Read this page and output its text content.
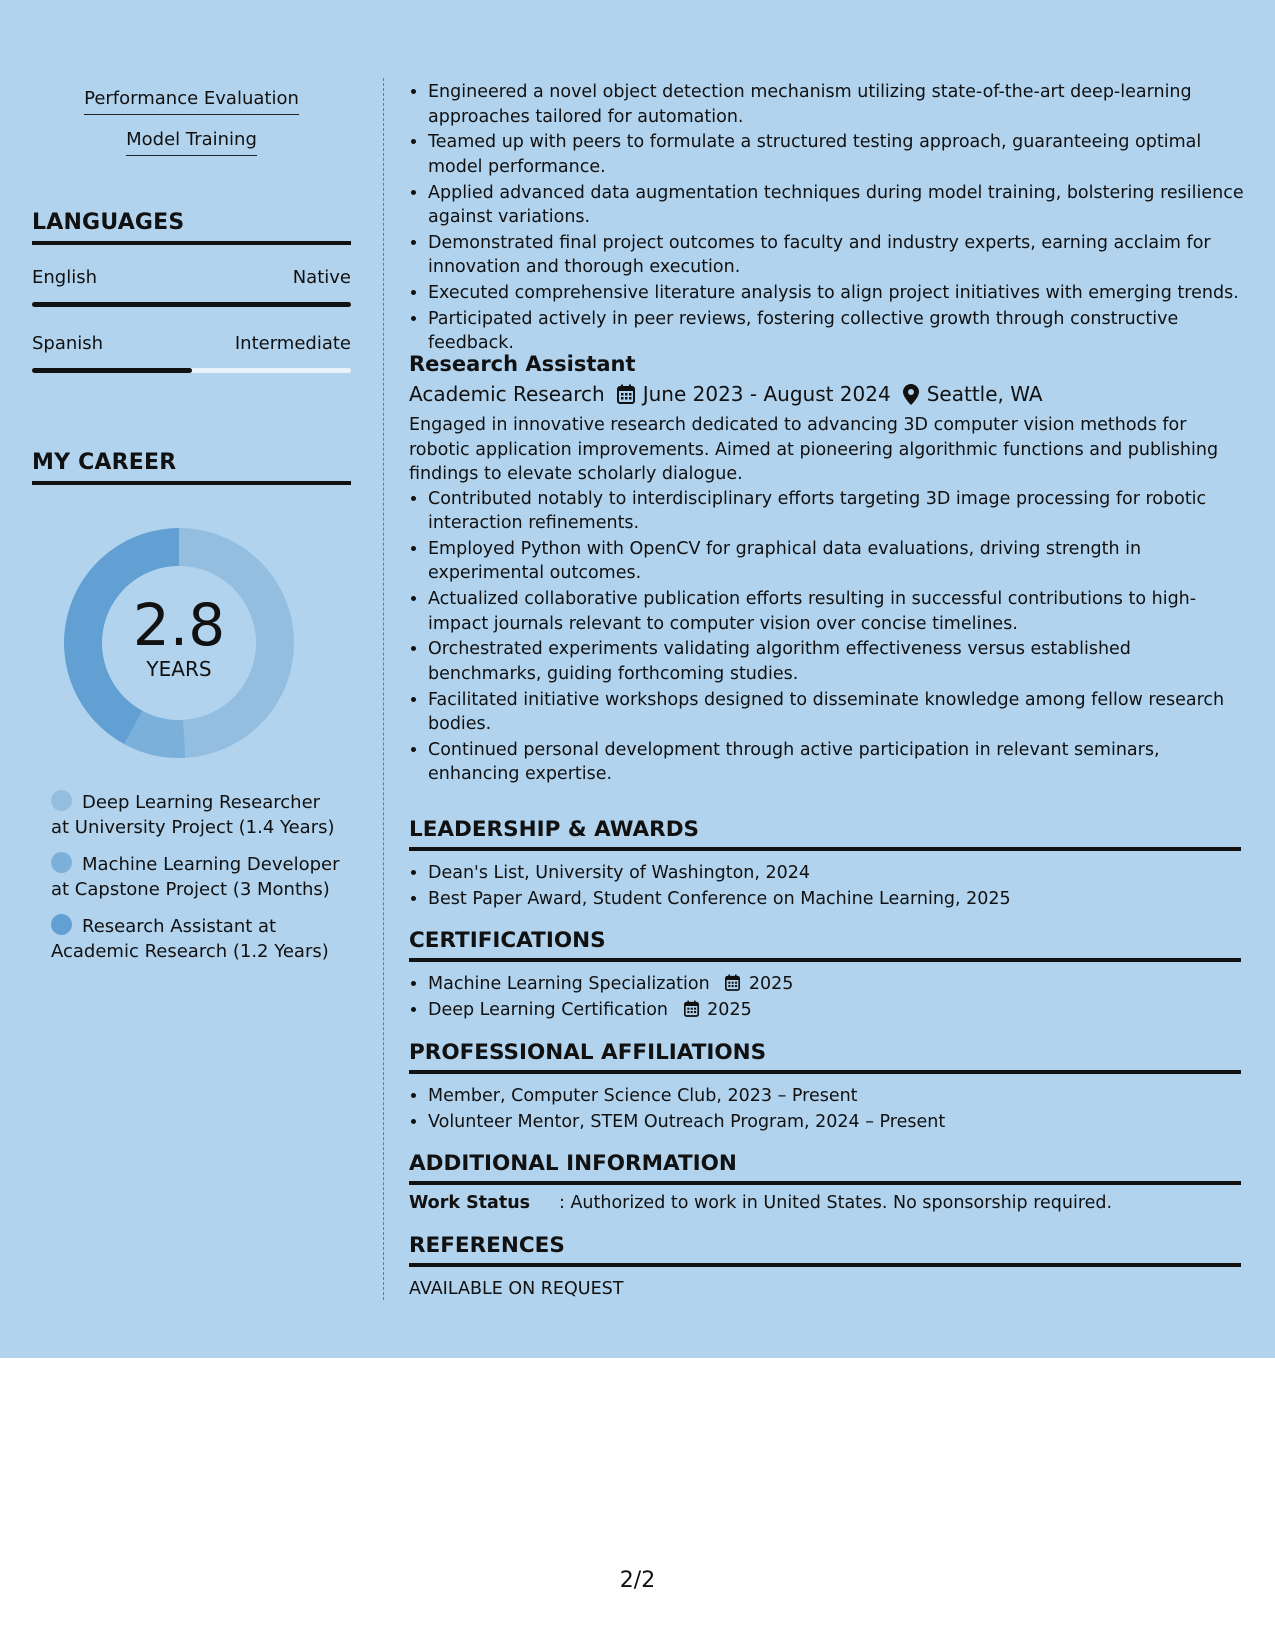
Performance Evaluation
Model Training
LANGUAGES
English	Native
Spanish	Intermediate
MY CAREER
2.8
YEARS
Deep Learning Researcher at University Project (1.4 Years)
Machine Learning Developer at Capstone Project (3 Months)
Research Assistant at Academic Research (1.2 Years)
• Engineered a novel object detection mechanism utilizing state-of-the-art deep-learning approaches tailored for automation.
• Teamed up with peers to formulate a structured testing approach, guaranteeing optimal model performance.
• Applied advanced data augmentation techniques during model training, bolstering resilience against variations.
• Demonstrated final project outcomes to faculty and industry experts, earning acclaim for innovation and thorough execution.
• Executed comprehensive literature analysis to align project initiatives with emerging trends.
• Participated actively in peer reviews, fostering collective growth through constructive feedback.
Research Assistant
Academic Research June 2023 - August 2024 Seattle, WA
Engaged in innovative research dedicated to advancing 3D computer vision methods for robotic application improvements. Aimed at pioneering algorithmic functions and publishing findings to elevate scholarly dialogue.
• Contributed notably to interdisciplinary efforts targeting 3D image processing for robotic interaction refinements.
• Employed Python with OpenCV for graphical data evaluations, driving strength in experimental outcomes.
• Actualized collaborative publication efforts resulting in successful contributions to high-impact journals relevant to computer vision over concise timelines.
• Orchestrated experiments validating algorithm effectiveness versus established benchmarks, guiding forthcoming studies.
• Facilitated initiative workshops designed to disseminate knowledge among fellow research bodies.
• Continued personal development through active participation in relevant seminars, enhancing expertise.
LEADERSHIP & AWARDS
• Dean's List, University of Washington, 2024
• Best Paper Award, Student Conference on Machine Learning, 2025
CERTIFICATIONS
• Machine Learning Specialization 2025
• Deep Learning Certification 2025
PROFESSIONAL AFFILIATIONS
• Member, Computer Science Club, 2023 – Present
• Volunteer Mentor, STEM Outreach Program, 2024 – Present
ADDITIONAL INFORMATION
Work Status	: Authorized to work in United States. No sponsorship required.
REFERENCES
AVAILABLE ON REQUEST
2/2
